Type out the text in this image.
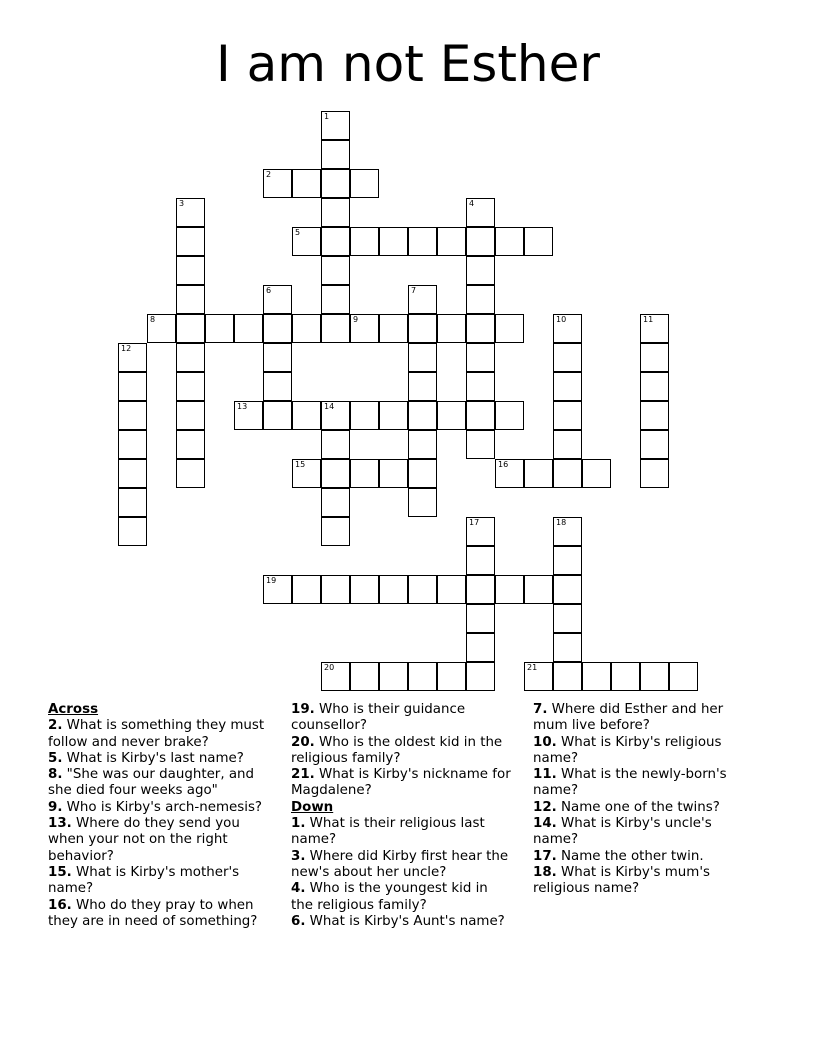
I am not Esther
1
2
3	4
5
6	7
8	9	10	11
12
13	14
15	16
17	18
19
20	21
Across
2. What is something they must follow and never brake?
5. What is Kirby's last name?
8. "She was our daughter, and she died four weeks ago"
9. Who is Kirby's arch-nemesis?
13. Where do they send you when your not on the right behavior?
15. What is Kirby's mother's name?
16. Who do they pray to when they are in need of something?
19. Who is their guidance counsellor?
20. Who is the oldest kid in the religious family?
21. What is Kirby's nickname for Magdalene?
Down
1. What is their religious last name?
3. Where did Kirby first hear the new's about her uncle?
4. Who is the youngest kid in the religious family?
6. What is Kirby's Aunt's name?
7. Where did Esther and her mum live before?
10. What is Kirby's religious name?
11. What is the newly-born's name?
12. Name one of the twins?
14. What is Kirby's uncle's name?
17. Name the other twin.
18. What is Kirby's mum's religious name?
